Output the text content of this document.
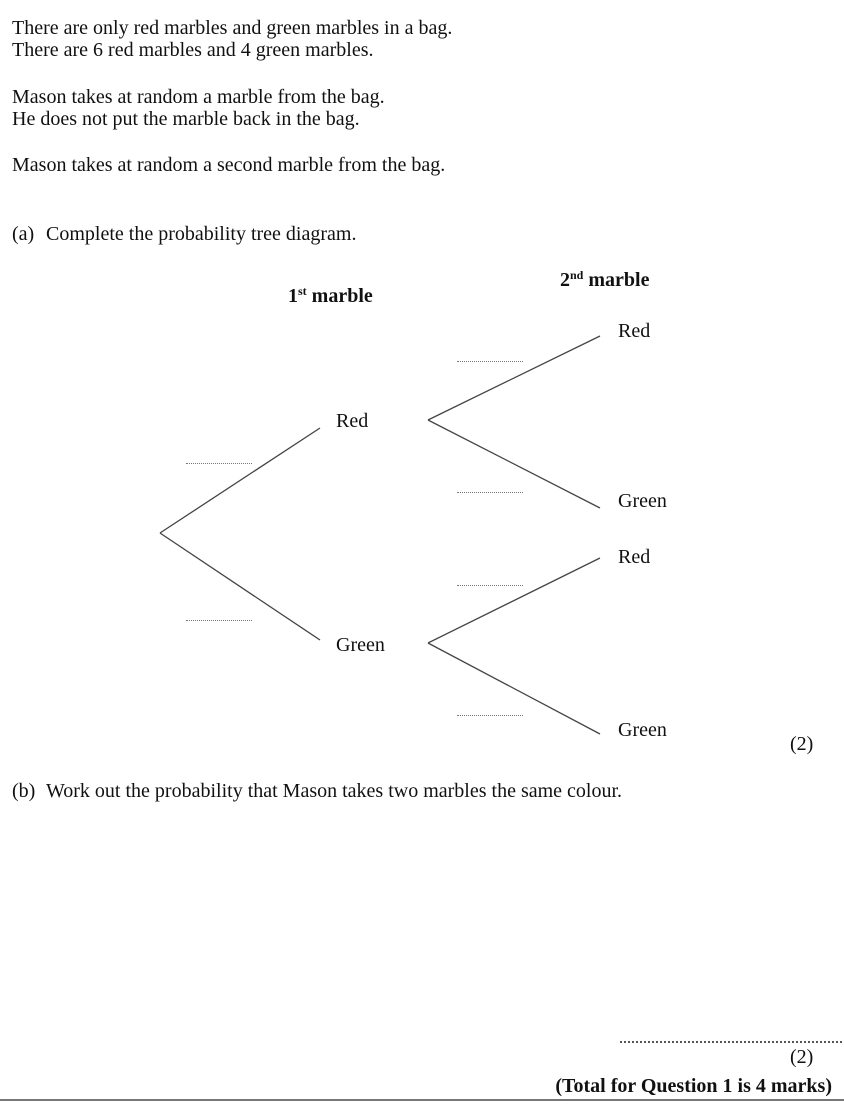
There are only red marbles and green marbles in a bag.
There are 6 red marbles and 4 green marbles.
Mason takes at random a marble from the bag.
He does not put the marble back in the bag.
Mason takes at random a second marble from the bag.
(a) Complete the probability tree diagram.
1st marble
2nd marble
Red
Green
Red
Green
Red
Green
(2)
(b) Work out the probability that Mason takes two marbles the same colour.
(2)
(Total for Question 1 is 4 marks)
